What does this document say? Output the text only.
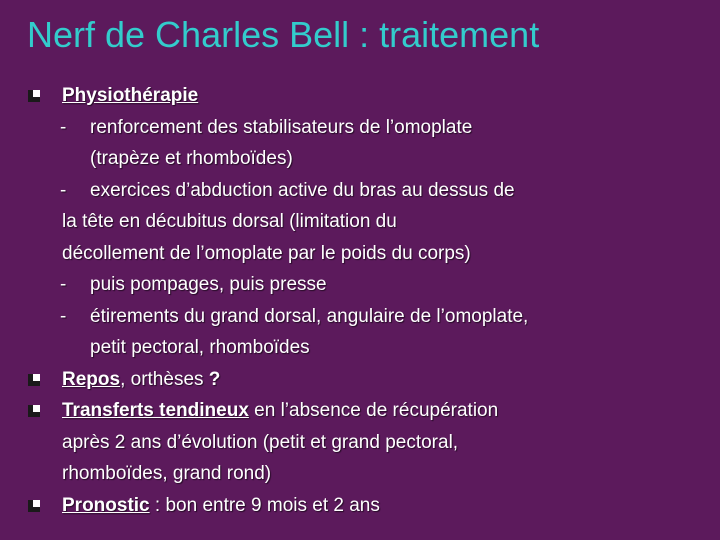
Nerf de Charles Bell : traitement
Physiothérapie
- renforcement des stabilisateurs de l’omoplate
(trapèze et rhomboïdes)
- exercices d’abduction active du bras au dessus de
la tête en décubitus dorsal (limitation du
décollement de l’omoplate par le poids du corps)
- puis pompages, puis presse
- étirements du grand dorsal, angulaire de l’omoplate,
petit pectoral, rhomboïdes
Repos, orthèses ?
Transferts tendineux en l’absence de récupération
après 2 ans d’évolution (petit et grand pectoral,
rhomboïdes, grand rond)
Pronostic : bon entre 9 mois et 2 ans
